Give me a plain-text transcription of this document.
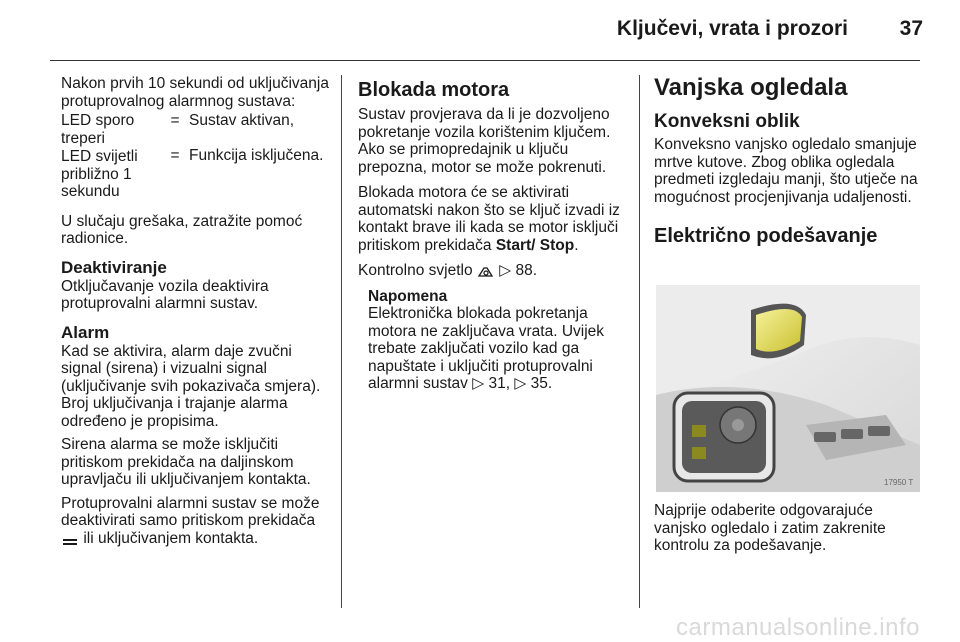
Ključevi, vrata i prozori 37

Nakon prvih 10 sekundi od uključivanja protuprovalnog alarmnog sustava:

LED sporo treperi	=	Sustav aktivan,
LED svijetli približno 1 sekundu	=	Funkcija isključena.

U slučaju grešaka, zatražite pomoć radionice.

Deaktiviranje

Otključavanje vozila deaktivira protuprovalni alarmni sustav.

Alarm

Kad se aktivira, alarm daje zvučni signal (sirena) i vizualni signal (uključivanje svih pokazivača smjera). Broj uključivanja i trajanje alarma određeno je propisima.

Sirena alarma se može isključiti pritiskom prekidača na daljinskom upravljaču ili uključivanjem kontakta.

Protuprovalni alarmni sustav se može deaktivirati samo pritiskom prekidača  ili uključivanjem kontakta.

Blokada motora

Sustav provjerava da li je dozvoljeno pokretanje vozila korištenim ključem. Ako se primopredajnik u ključu prepozna, motor se može pokrenuti.

Blokada motora će se aktivirati automatski nakon što se ključ izvadi iz kontakt brave ili kada se motor isključi pritiskom prekidača Start/ Stop.

Kontrolno svjetlo ▷ 88.

Napomena
Elektronička blokada pokretanja motora ne zaključava vrata. Uvijek trebate zaključati vozilo kad ga napuštate i uključiti protuprovalni alarmni sustav ▷ 31, ▷ 35.
Vanjska ogledala
Konveksni oblik

Konveksno vanjsko ogledalo smanjuje mrtve kutove. Zbog oblika ogledala predmeti izgledaju manji, što utječe na mogućnost procjenjivanja udaljenosti.

Električno podešavanje
17950 T

Najprije odaberite odgovarajuće vanjsko ogledalo i zatim zakrenite kontrolu za podešavanje.

carmanualsonline.info
